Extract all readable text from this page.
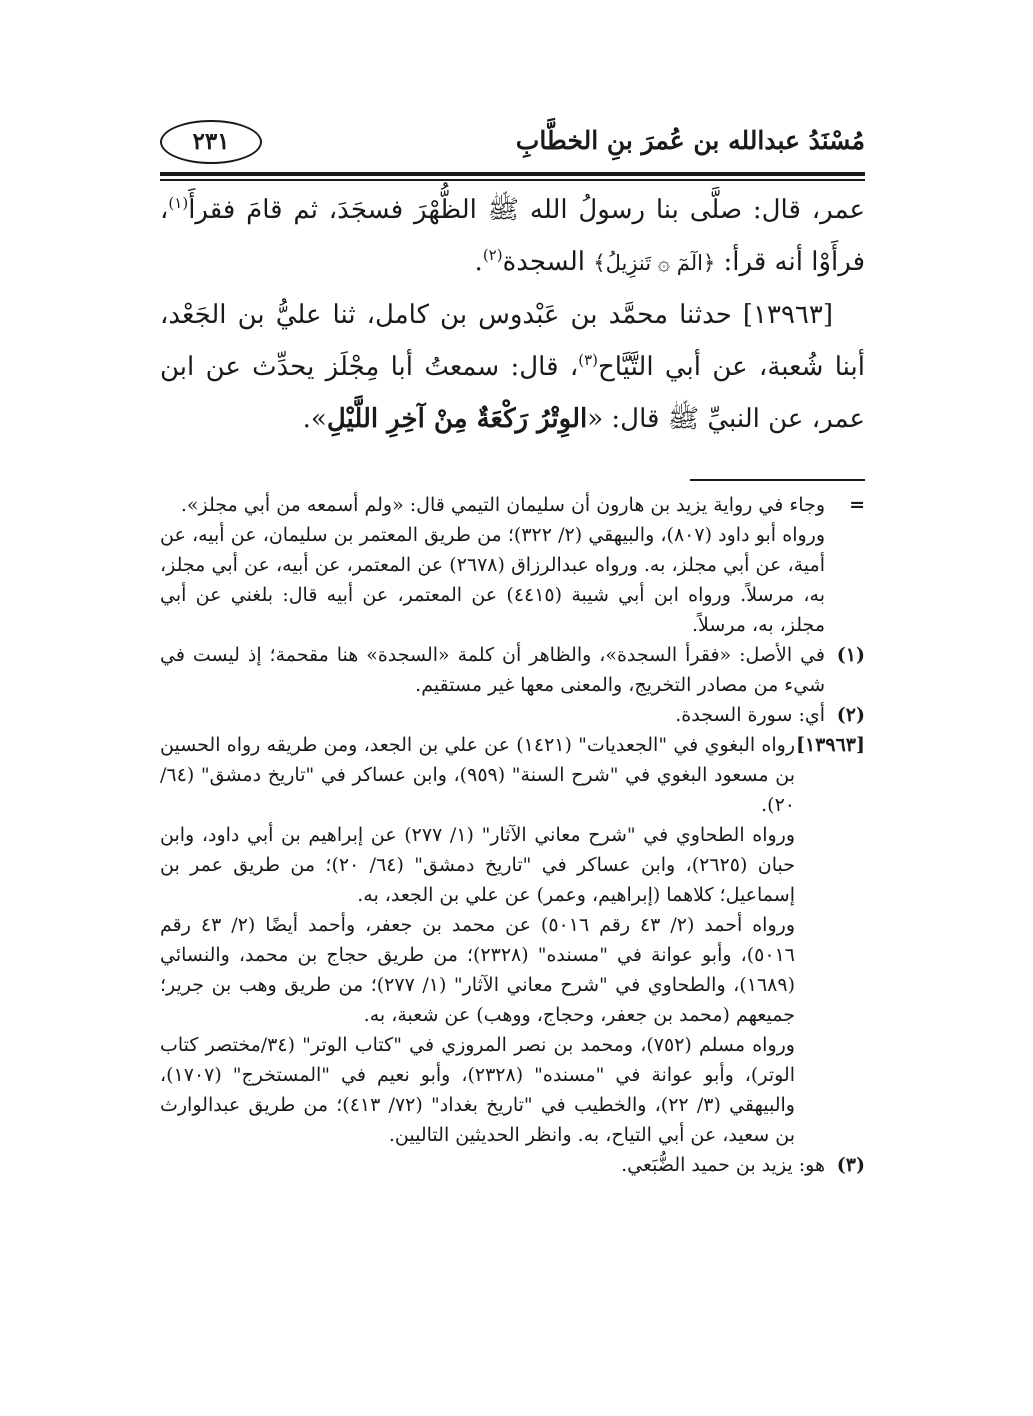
مُسْنَدُ عبدالله بن عُمرَ بنِ الخطَّابِ
٢٣١

عمر، قال: صلَّى بنا رسولُ الله ﷺ الظُّهْرَ فسجَدَ، ثم قامَ فقرأَ$^{(١)}$، فرأَوْا أنه قرأ: ﴿الٓمٓ ۞ تَنزِيلُ﴾ السجدة$^{(٢)}$.

[١٣٩٦٣] حدثنا محمَّد بن عَبْدوس بن كامل، ثنا عليُّ بن الجَعْد، أبنا شُعبة، عن أبي التَّيَّاح$^{(٣)}$، قال: سمعتُ أبا مِجْلَز يحدِّث عن ابن عمر، عن النبيِّ ﷺ قال: «الوِتْرُ رَكْعَةٌ مِنْ آخِرِ اللَّيْلِ».

=
وجاء في رواية يزيد بن هارون أن سليمان التيمي قال: «ولم أسمعه من أبي مجلز».
ورواه أبو داود (٨٠٧)، والبيهقي (٢/ ٣٢٢)؛ من طريق المعتمر بن سليمان، عن أبيه، عن أمية، عن أبي مجلز، به. ورواه عبدالرزاق (٢٦٧٨) عن المعتمر، عن أبيه، عن أبي مجلز، به، مرسلاً. ورواه ابن أبي شيبة (٤٤١٥) عن المعتمر، عن أبيه قال: بلغني عن أبي مجلز، به، مرسلاً.
(١)
في الأصل: «فقرأ السجدة»، والظاهر أن كلمة «السجدة» هنا مقحمة؛ إذ ليست في شيء من مصادر التخريج، والمعنى معها غير مستقيم.
(٢)
أي: سورة السجدة.
[١٣٩٦٣]
رواه البغوي في "الجعديات" (١٤٢١) عن علي بن الجعد، ومن طريقه رواه الحسين بن مسعود البغوي في "شرح السنة" (٩٥٩)، وابن عساكر في "تاريخ دمشق" (٦٤/ ٢٠).
ورواه الطحاوي في "شرح معاني الآثار" (١/ ٢٧٧) عن إبراهيم بن أبي داود، وابن حبان (٢٦٢٥)، وابن عساكر في "تاريخ دمشق" (٦٤/ ٢٠)؛ من طريق عمر بن إسماعيل؛ كلاهما (إبراهيم، وعمر) عن علي بن الجعد، به.
ورواه أحمد (٢/ ٤٣ رقم ٥٠١٦) عن محمد بن جعفر، وأحمد أيضًا (٢/ ٤٣ رقم ٥٠١٦)، وأبو عوانة في "مسنده" (٢٣٢٨)؛ من طريق حجاج بن محمد، والنسائي (١٦٨٩)، والطحاوي في "شرح معاني الآثار" (١/ ٢٧٧)؛ من طريق وهب بن جرير؛ جميعهم (محمد بن جعفر، وحجاج، ووهب) عن شعبة، به.
ورواه مسلم (٧٥٢)، ومحمد بن نصر المروزي في "كتاب الوتر" (٣٤/مختصر كتاب الوتر)، وأبو عوانة في "مسنده" (٢٣٢٨)، وأبو نعيم في "المستخرج" (١٧٠٧)، والبيهقي (٣/ ٢٢)، والخطيب في "تاريخ بغداد" (٧٢/ ٤١٣)؛ من طريق عبدالوارث بن سعيد، عن أبي التياح، به. وانظر الحديثين التاليين.
(٣)
هو: يزيد بن حميد الضُّبَعي.
